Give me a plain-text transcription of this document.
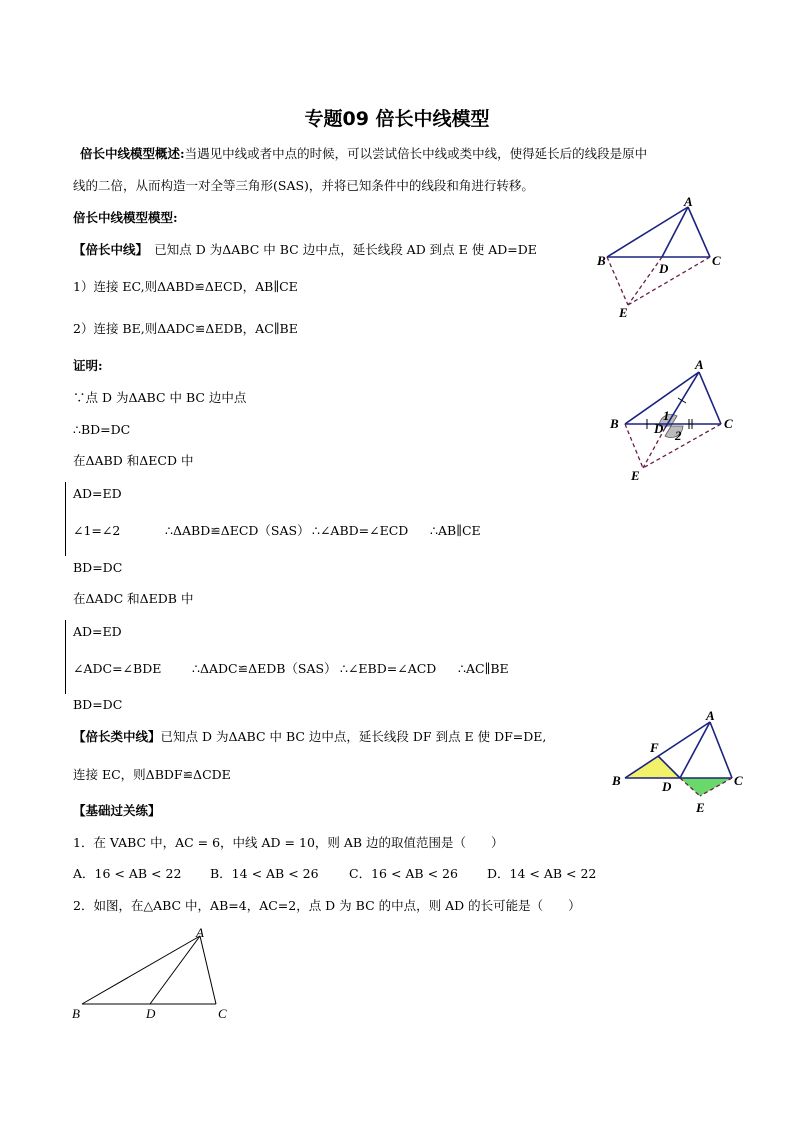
专题09 倍长中线模型
倍长中线模型概述:当遇见中线或者中点的时候，可以尝试倍长中线或类中线，使得延长后的线段是原中
线的二倍，从而构造一对全等三角形(SAS)，并将已知条件中的线段和角进行转移。
倍长中线模型模型:
【倍长中线】　 已知点 D 为ΔABC 中 BC 边中点，延长线段 AD 到点 E 使 AD=DE
1）连接 EC,则ΔABD≌ΔECD，AB∥CE
2）连接 BE,则ΔADC≌ΔEDB，AC∥BE
证明:
∵点 D 为ΔABC 中 BC 边中点
∴BD=DC
在ΔABD 和ΔECD 中
AD=ED
∠1=∠2	∴ΔABD≌ΔECD（SAS） ∴∠ABD=∠ECD ∴AB∥CE
BD=DC
在ΔADC 和ΔEDB 中
AD=ED
∠ADC=∠BDE ∴ΔADC≌ΔEDB（SAS） ∴∠EBD=∠ACD ∴AC∥BE
BD=DC
【倍长类中线】已知点 D 为ΔABC 中 BC 边中点，延长线段 DF 到点 E 使 DF=DE,
连接 EC，则ΔBDF≌ΔCDE
【基础过关练】
1．在 VABC 中，AC = 6，中线 AD = 10，则 AB 边的取值范围是（　　）
A．16 < AB < 22 B．14 < AB < 26 C．16 < AB < 26 D．14 < AB < 22
2．如图，在△ABC 中，AB=4，AC=2，点 D 为 BC 的中点，则 AD 的长可能是（　　）
A
B	C
D
E
A
B	C
D
E
1
2
A
B	C
D
E
F
A
B	C
D
